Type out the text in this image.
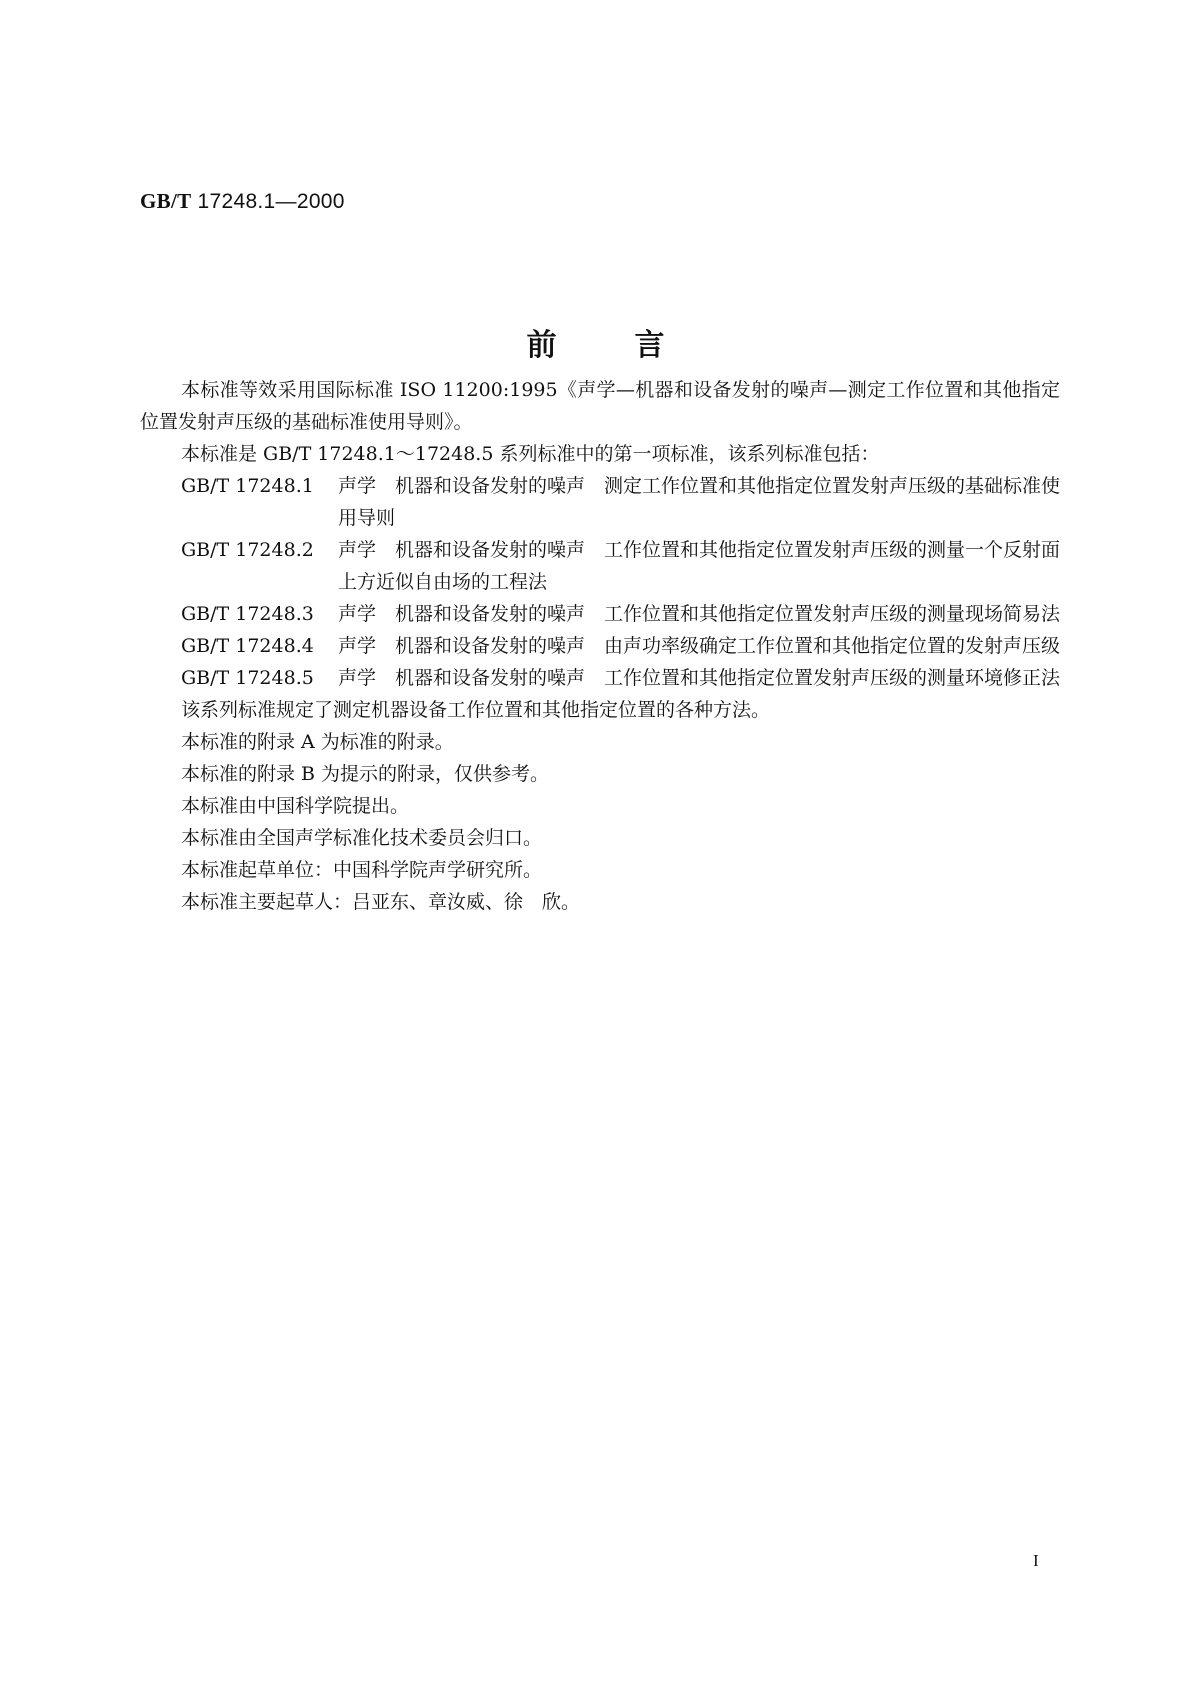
GB/T 17248.1—2000
前言

本标准等效采用国际标准 ISO 11200:1995《声学—机器和设备发射的噪声—测定工作位置和其他指定位置发射声压级的基础标准使用导则》。

本标准是 GB/T 17248.1～17248.5 系列标准中的第一项标准，该系列标准包括：

GB/T 17248.1 声学　机器和设备发射的噪声　测定工作位置和其他指定位置发射声压级的基础标准使用导则
GB/T 17248.2 声学　机器和设备发射的噪声　工作位置和其他指定位置发射声压级的测量一个反射面上方近似自由场的工程法
GB/T 17248.3 声学　机器和设备发射的噪声　工作位置和其他指定位置发射声压级的测量现场简易法
GB/T 17248.4 声学　机器和设备发射的噪声　由声功率级确定工作位置和其他指定位置的发射声压级
GB/T 17248.5 声学　机器和设备发射的噪声　工作位置和其他指定位置发射声压级的测量环境修正法

该系列标准规定了测定机器设备工作位置和其他指定位置的各种方法。

本标准的附录 A 为标准的附录。

本标准的附录 B 为提示的附录，仅供参考。

本标准由中国科学院提出。

本标准由全国声学标准化技术委员会归口。

本标准起草单位：中国科学院声学研究所。

本标准主要起草人：吕亚东、章汝威、徐　欣。

I
